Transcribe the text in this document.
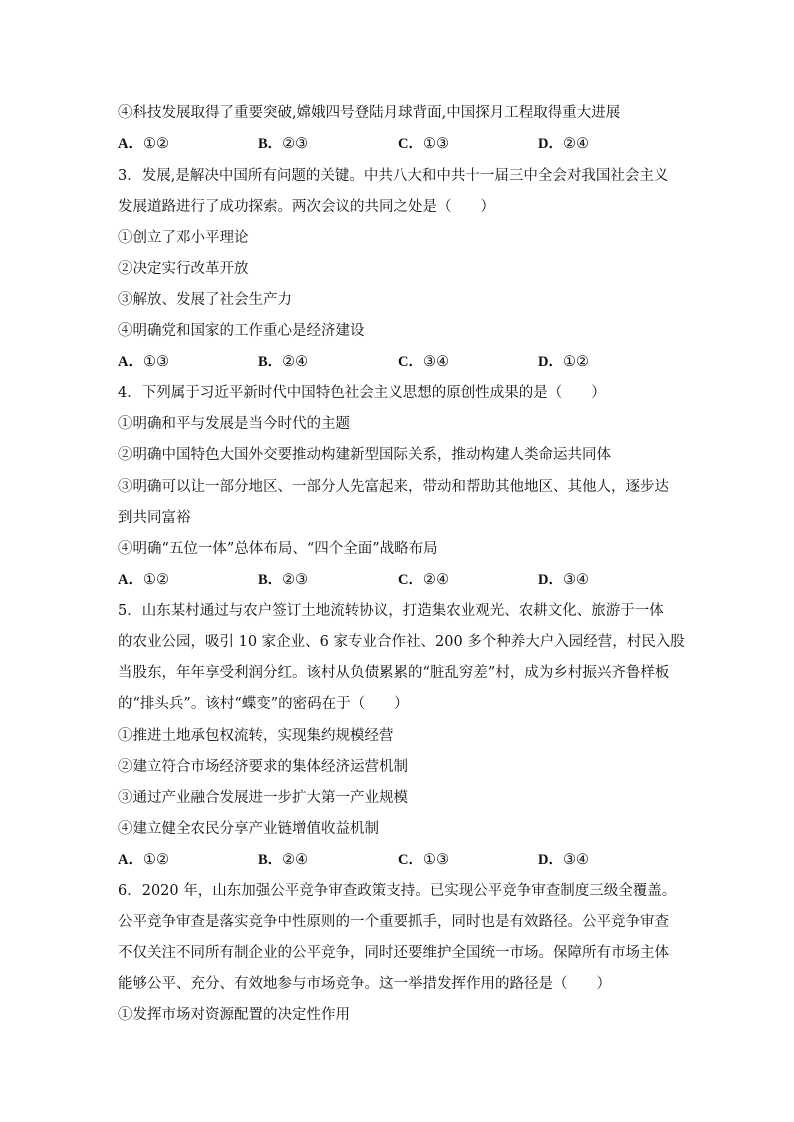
④科技发展取得了重要突破,嫦娥四号登陆月球背面,中国探月工程取得重大进展
A．①②	B．②③	C．①③	D．②④
3．发展,是解决中国所有问题的关键。中共八大和中共十一届三中全会对我国社会主义
发展道路进行了成功探索。两次会议的共同之处是（　　）
①创立了邓小平理论
②决定实行改革开放
③解放、发展了社会生产力
④明确党和国家的工作重心是经济建设
A．①③	B．②④	C．③④	D．①②
4．下列属于习近平新时代中国特色社会主义思想的原创性成果的是（　　）
①明确和平与发展是当今时代的主题
②明确中国特色大国外交要推动构建新型国际关系，推动构建人类命运共同体
③明确可以让一部分地区、一部分人先富起来，带动和帮助其他地区、其他人，逐步达
到共同富裕
④明确“五位一体”总体布局、“四个全面”战略布局
A．①②	B．②③	C．②④	D．③④
5．山东某村通过与农户签订土地流转协议，打造集农业观光、农耕文化、旅游于一体
的农业公园，吸引 10 家企业、6 家专业合作社、200 多个种养大户入园经营，村民入股
当股东，年年享受利润分红。该村从负债累累的“脏乱穷差”村，成为乡村振兴齐鲁样板
的“排头兵”。该村“蝶变”的密码在于（　　）
①推进土地承包权流转，实现集约规模经营
②建立符合市场经济要求的集体经济运营机制
③通过产业融合发展进一步扩大第一产业规模
④建立健全农民分享产业链增值收益机制
A．①②	B．②④	C．①③	D．③④
6．2020 年，山东加强公平竞争审查政策支持。已实现公平竞争审查制度三级全覆盖。
公平竞争审查是落实竞争中性原则的一个重要抓手，同时也是有效路径。公平竞争审查
不仅关注不同所有制企业的公平竞争，同时还要维护全国统一市场。保障所有市场主体
能够公平、充分、有效地参与市场竞争。这一举措发挥作用的路径是（　　）
①发挥市场对资源配置的决定性作用
